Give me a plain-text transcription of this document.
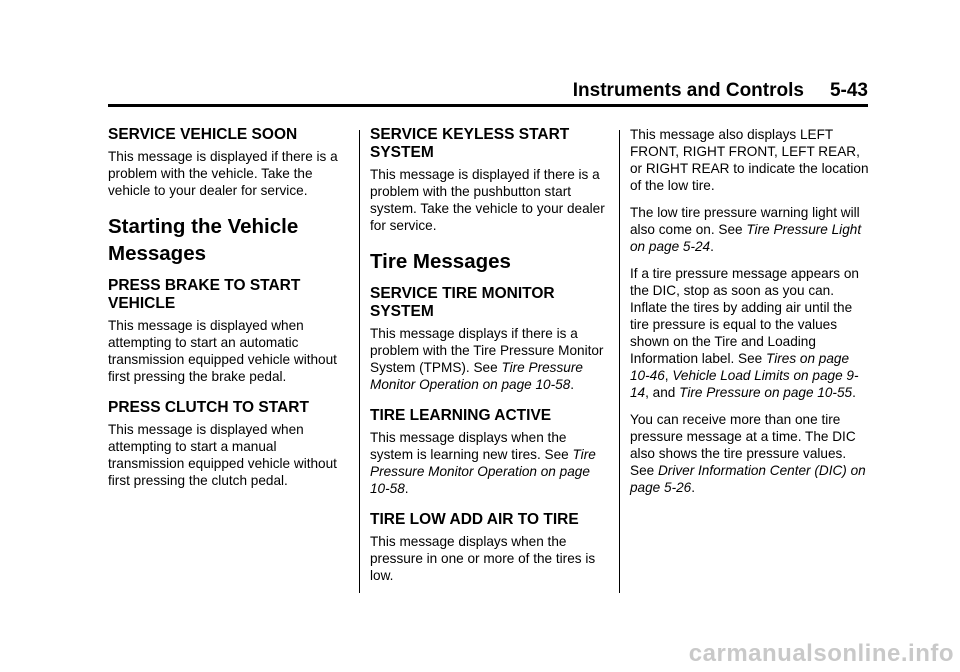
Instruments and Controls 5-43
SERVICE VEHICLE SOON

This message is displayed if there is a problem with the vehicle. Take the vehicle to your dealer for service.

Starting the Vehicle Messages
PRESS BRAKE TO START VEHICLE

This message is displayed when attempting to start an automatic transmission equipped vehicle without first pressing the brake pedal.

PRESS CLUTCH TO START

This message is displayed when attempting to start a manual transmission equipped vehicle without first pressing the clutch pedal.

SERVICE KEYLESS START SYSTEM

This message is displayed if there is a problem with the pushbutton start system. Take the vehicle to your dealer for service.

Tire Messages
SERVICE TIRE MONITOR SYSTEM

This message displays if there is a problem with the Tire Pressure Monitor System (TPMS). See Tire Pressure Monitor Operation on page 10-58.

TIRE LEARNING ACTIVE

This message displays when the system is learning new tires. See Tire Pressure Monitor Operation on page 10-58.

TIRE LOW ADD AIR TO TIRE

This message displays when the pressure in one or more of the tires is low.

This message also displays LEFT FRONT, RIGHT FRONT, LEFT REAR, or RIGHT REAR to indicate the location of the low tire.

The low tire pressure warning light will also come on. See Tire Pressure Light on page 5-24.

If a tire pressure message appears on the DIC, stop as soon as you can. Inflate the tires by adding air until the tire pressure is equal to the values shown on the Tire and Loading Information label. See Tires on page 10-46, Vehicle Load Limits on page 9-14, and Tire Pressure on page 10-55.

You can receive more than one tire pressure message at a time. The DIC also shows the tire pressure values. See Driver Information Center (DIC) on page 5-26.

carmanualsonline.info
